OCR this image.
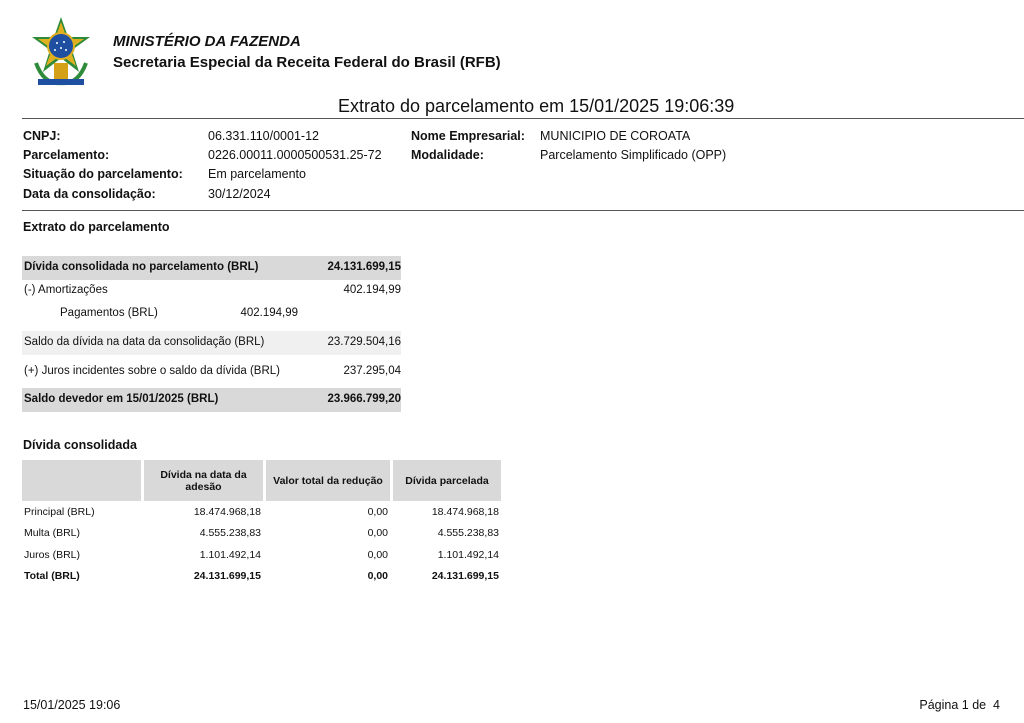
MINISTÉRIO DA FAZENDA
Secretaria Especial da Receita Federal do Brasil (RFB)
Extrato do parcelamento em 15/01/2025 19:06:39
CNPJ:	06.331.110/0001-12
Parcelamento:	0226.00011.0000500531.25-72
Situação do parcelamento: Em parcelamento
Data da consolidação:	30/12/2024
Nome Empresarial: MUNICIPIO DE COROATA
Modalidade:	Parcelamento Simplificado (OPP)
Extrato do parcelamento
Dívida consolidada no parcelamento (BRL)	24.131.699,15
(-) Amortizações	402.194,99
Pagamentos (BRL)	402.194,99
Saldo da dívida na data da consolidação (BRL)	23.729.504,16
(+) Juros incidentes sobre o saldo da dívida (BRL)	237.295,04
Saldo devedor em 15/01/2025 (BRL)	23.966.799,20
Dívida consolidada
	Dívida na data da adesão	Valor total da redução	Dívida parcelada
Principal (BRL)	18.474.968,18	0,00	18.474.968,18
Multa (BRL)	4.555.238,83	0,00	4.555.238,83
Juros (BRL)	1.101.492,14	0,00	1.101.492,14
Total (BRL)	24.131.699,15	0,00	24.131.699,15
15/01/2025 19:06	Página 1 de  4
